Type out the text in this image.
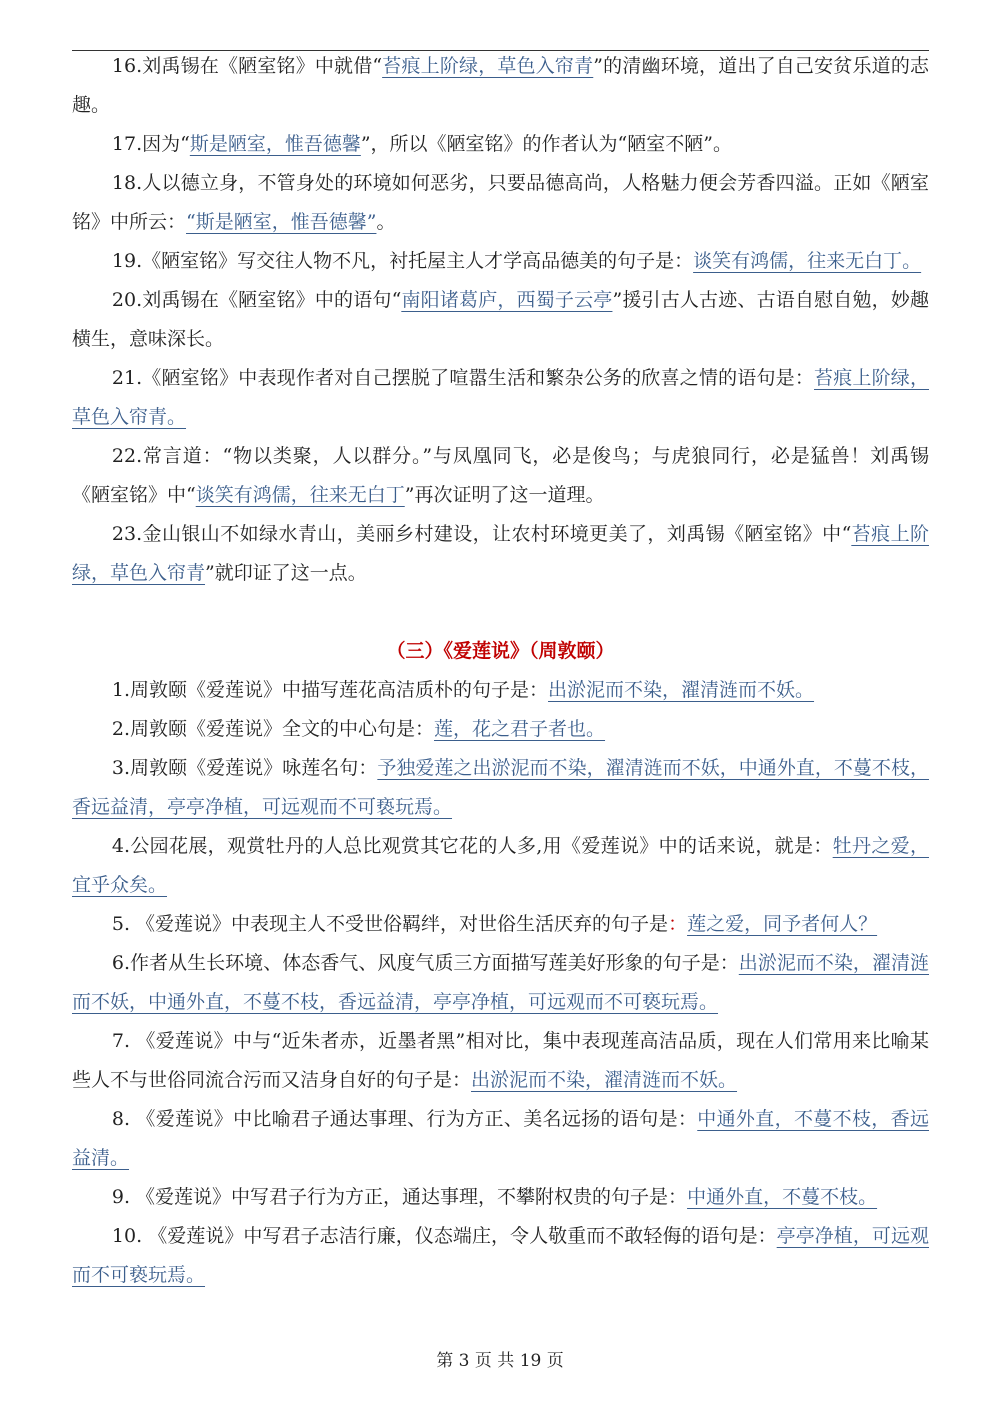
16.刘禹锡在《陋室铭》中就借“苔痕上阶绿，草色入帘青”的清幽环境，道出了自己安贫乐道的志趣。

17.因为“斯是陋室，惟吾德馨”，所以《陋室铭》的作者认为“陋室不陋”。

18.人以德立身，不管身处的环境如何恶劣，只要品德高尚，人格魅力便会芳香四溢。正如《陋室铭》中所云：“斯是陋室，惟吾德馨”。

19.《陋室铭》写交往人物不凡，衬托屋主人才学高品德美的句子是：谈笑有鸿儒，往来无白丁。

20.刘禹锡在《陋室铭》中的语句“南阳诸葛庐，西蜀子云亭”援引古人古迹、古语自慰自勉，妙趣横生，意味深长。

21.《陋室铭》中表现作者对自己摆脱了喧嚣生活和繁杂公务的欣喜之情的语句是：苔痕上阶绿，草色入帘青。

22.常言道：“物以类聚，人以群分。”与凤凰同飞，必是俊鸟；与虎狼同行，必是猛兽！刘禹锡《陋室铭》中“谈笑有鸿儒，往来无白丁”再次证明了这一道理。

23.金山银山不如绿水青山，美丽乡村建设，让农村环境更美了，刘禹锡《陋室铭》中“苔痕上阶绿，草色入帘青”就印证了这一点。

（三）《爱莲说》（周敦颐）

1.周敦颐《爱莲说》中描写莲花高洁质朴的句子是：出淤泥而不染，濯清涟而不妖。

2.周敦颐《爱莲说》全文的中心句是：莲，花之君子者也。

3.周敦颐《爱莲说》咏莲名句：予独爱莲之出淤泥而不染，濯清涟而不妖，中通外直，不蔓不枝，香远益清，亭亭净植，可远观而不可亵玩焉。

4.公园花展，观赏牡丹的人总比观赏其它花的人多,用《爱莲说》中的话来说，就是：牡丹之爱，宜乎众矣。

5. 《爱莲说》中表现主人不受世俗羁绊，对世俗生活厌弃的句子是：莲之爱，同予者何人？

6.作者从生长环境、体态香气、风度气质三方面描写莲美好形象的句子是：出淤泥而不染，濯清涟而不妖，中通外直，不蔓不枝，香远益清，亭亭净植，可远观而不可亵玩焉。

7. 《爱莲说》中与“近朱者赤，近墨者黑”相对比，集中表现莲高洁品质，现在人们常用来比喻某些人不与世俗同流合污而又洁身自好的句子是：出淤泥而不染，濯清涟而不妖。

8. 《爱莲说》中比喻君子通达事理、行为方正、美名远扬的语句是：中通外直，不蔓不枝，香远益清。

9. 《爱莲说》中写君子行为方正，通达事理，不攀附权贵的句子是：中通外直，不蔓不枝。

10. 《爱莲说》中写君子志洁行廉，仪态端庄，令人敬重而不敢轻侮的语句是：亭亭净植，可远观而不可亵玩焉。

第 3 页 共 19 页
